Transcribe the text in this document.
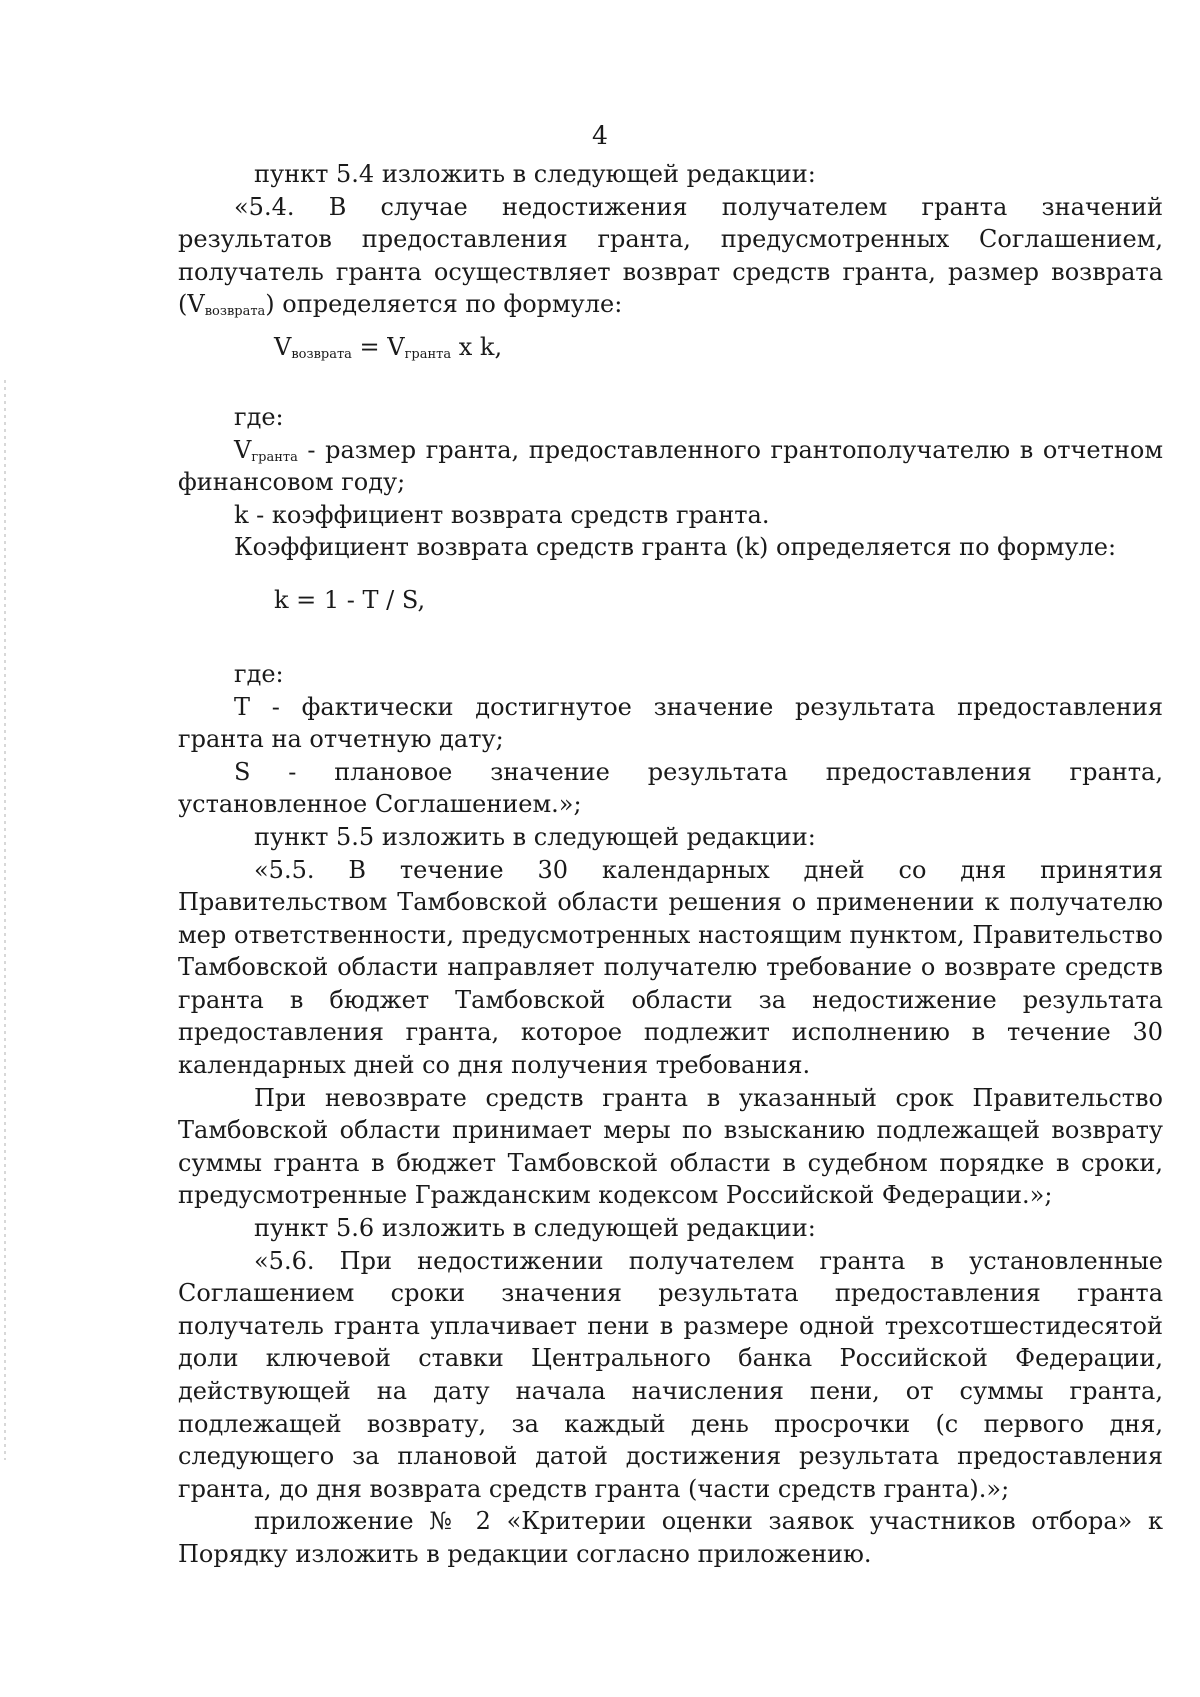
4

пункт 5.4 изложить в следующей редакции:

«5.4. В случае недостижения получателем гранта значений результатов предоставления гранта, предусмотренных Соглашением, получатель гранта осуществляет возврат средств гранта, размер возврата $(V_{возврата})$ определяется по формуле:

$V_{возврата} = V_{гранта}$ x k,

где:

$V_{гранта}$ - размер гранта, предоставленного грантополучателю в отчетном финансовом году;

k - коэффициент возврата средств гранта.

Коэффициент возврата средств гранта (k) определяется по формуле:

k = 1 - T / S,

где:

T - фактически достигнутое значение результата предоставления гранта на отчетную дату;

S - плановое значение результата предоставления гранта, установленное Соглашением.»;

пункт 5.5 изложить в следующей редакции:

«5.5. В течение 30 календарных дней со дня принятия Правительством Тамбовской области решения о применении к получателю мер ответственности, предусмотренных настоящим пунктом, Правительство Тамбовской области направляет получателю требование о возврате средств гранта в бюджет Тамбовской области за недостижение результата предоставления гранта, которое подлежит исполнению в течение 30 календарных дней со дня получения требования.

При невозврате средств гранта в указанный срок Правительство Тамбовской области принимает меры по взысканию подлежащей возврату суммы гранта в бюджет Тамбовской области в судебном порядке в сроки, предусмотренные Гражданским кодексом Российской Федерации.»;

пункт 5.6 изложить в следующей редакции:

«5.6. При недостижении получателем гранта в установленные Соглашением сроки значения результата предоставления гранта получатель гранта уплачивает пени в размере одной трехсотшестидесятой доли ключевой ставки Центрального банка Российской Федерации, действующей на дату начала начисления пени, от суммы гранта, подлежащей возврату, за каждый день просрочки (с первого дня, следующего за плановой датой достижения результата предоставления гранта, до дня возврата средств гранта (части средств гранта).»;

приложение № 2 «Критерии оценки заявок участников отбора» к Порядку изложить в редакции согласно приложению.
